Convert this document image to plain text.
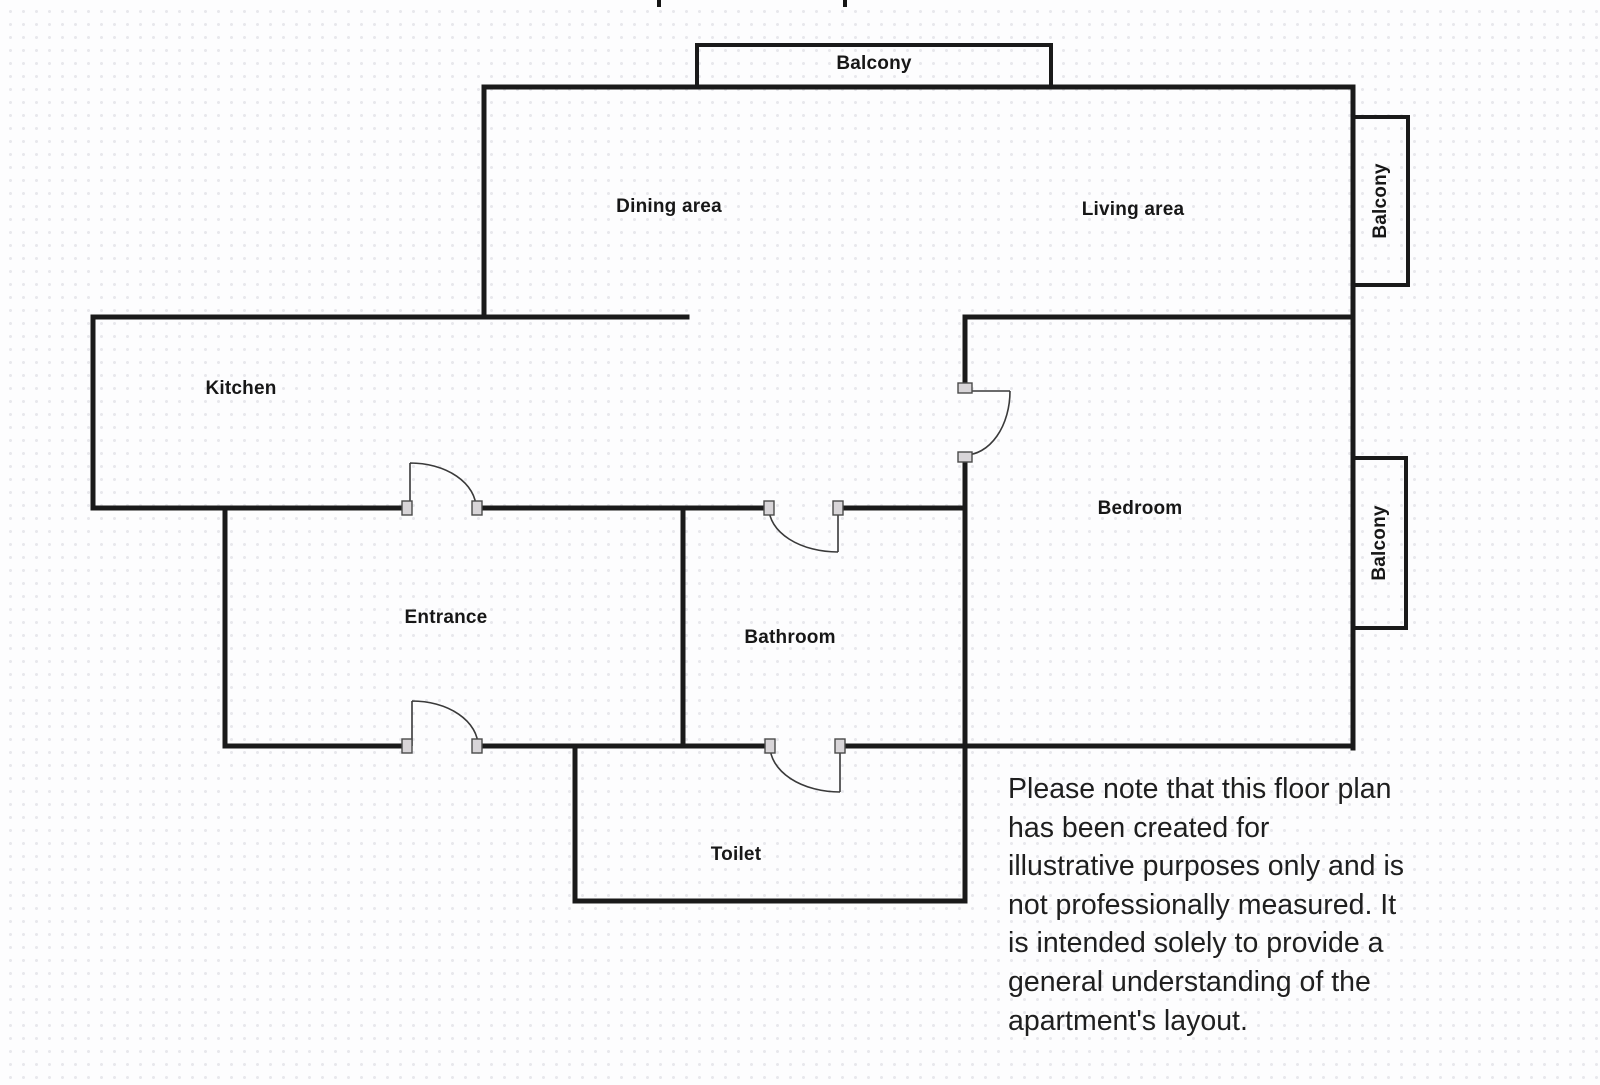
Balcony
Dining area	Living area
Kitchen
Entrance
Bathroom
Bedroom
Toilet
Balcony
Balcony
Please note that this floor plan
has been created for
illustrative purposes only and is
not professionally measured. It
is intended solely to provide a
general understanding of the
apartment's layout.
